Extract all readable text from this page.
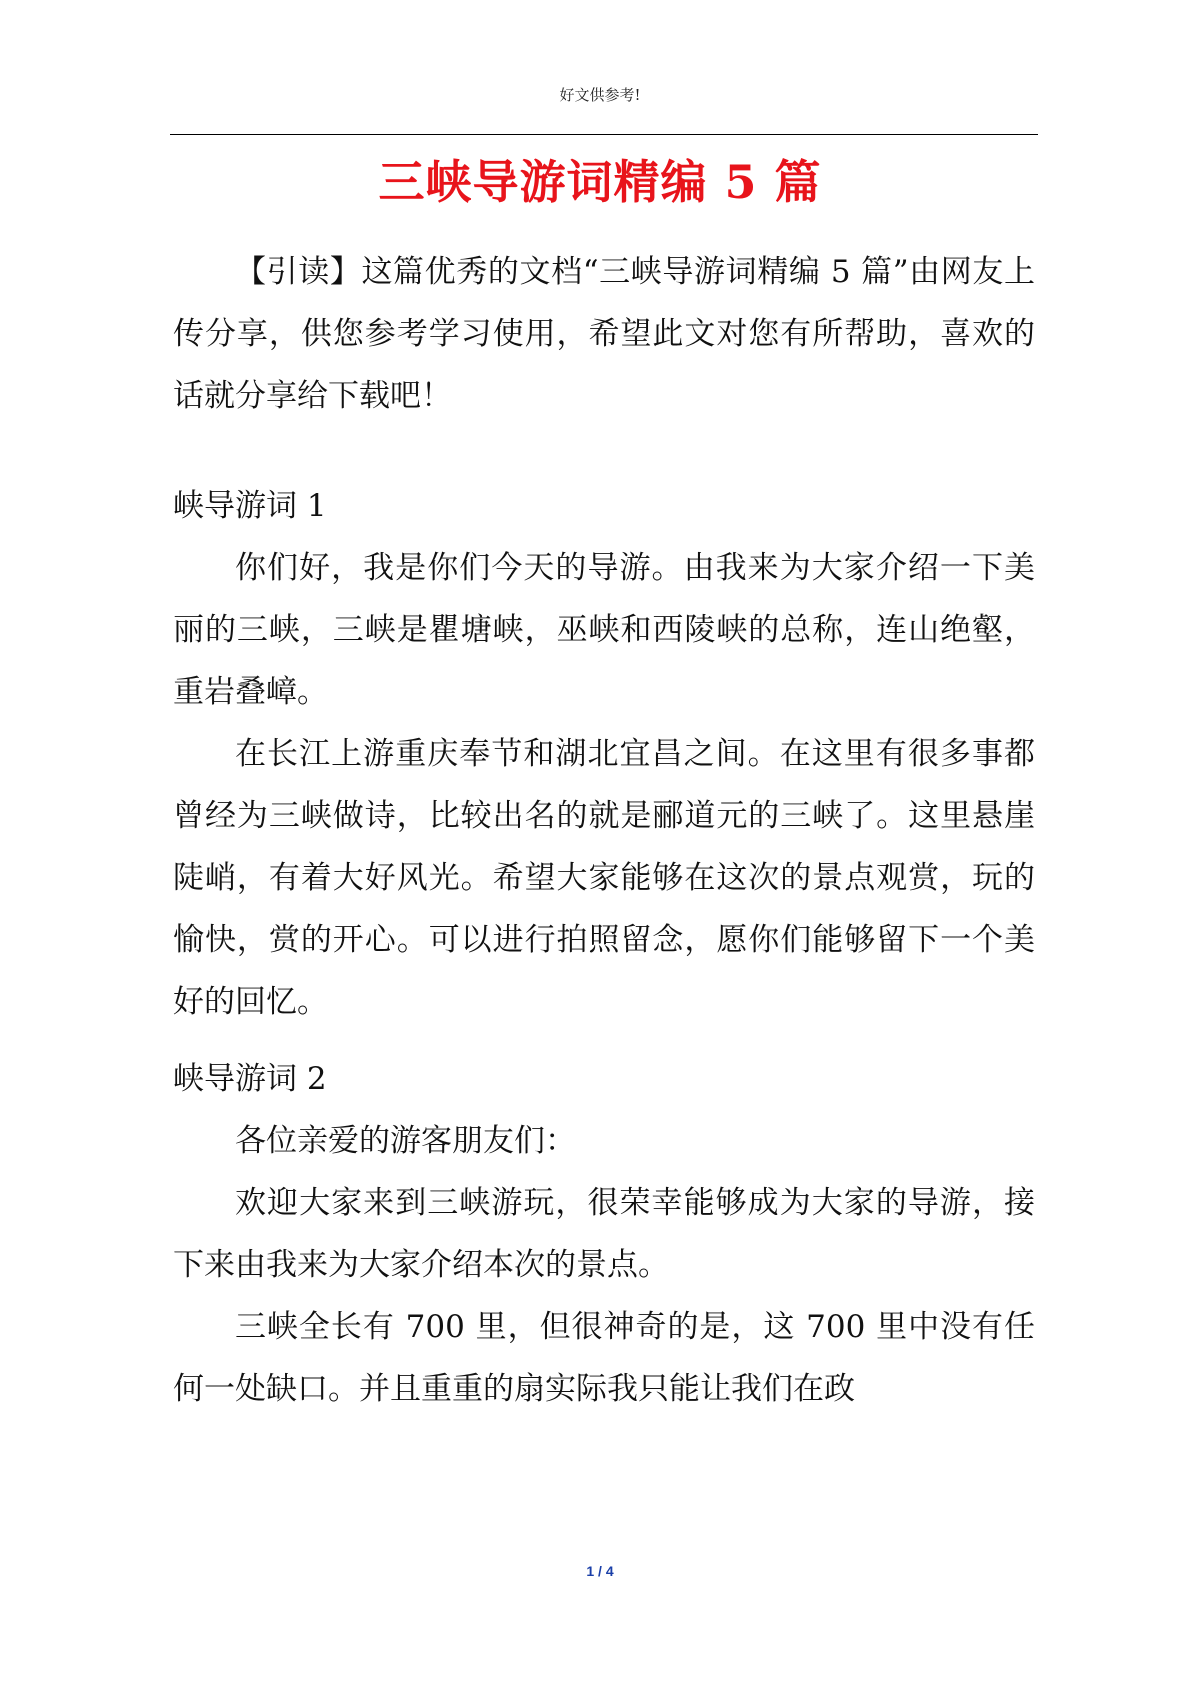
好文供参考!
三峡导游词精编 5 篇

【引读】这篇优秀的文档“三峡导游词精编 5 篇”由网友上传分享，供您参考学习使用，希望此文对您有所帮助，喜欢的话就分享给下载吧！

峡导游词 1

你们好，我是你们今天的导游。由我来为大家介绍一下美丽的三峡，三峡是瞿塘峡，巫峡和西陵峡的总称，连山绝壑，重岩叠嶂。

在长江上游重庆奉节和湖北宜昌之间。在这里有很多事都曾经为三峡做诗，比较出名的就是郦道元的三峡了。这里悬崖陡峭，有着大好风光。希望大家能够在这次的景点观赏，玩的愉快，赏的开心。可以进行拍照留念，愿你们能够留下一个美好的回忆。

峡导游词 2

各位亲爱的游客朋友们：

欢迎大家来到三峡游玩，很荣幸能够成为大家的导游，接下来由我来为大家介绍本次的景点。

三峡全长有 700 里，但很神奇的是，这 700 里中没有任何一处缺口。并且重重的扇实际我只能让我们在政

1 / 4
